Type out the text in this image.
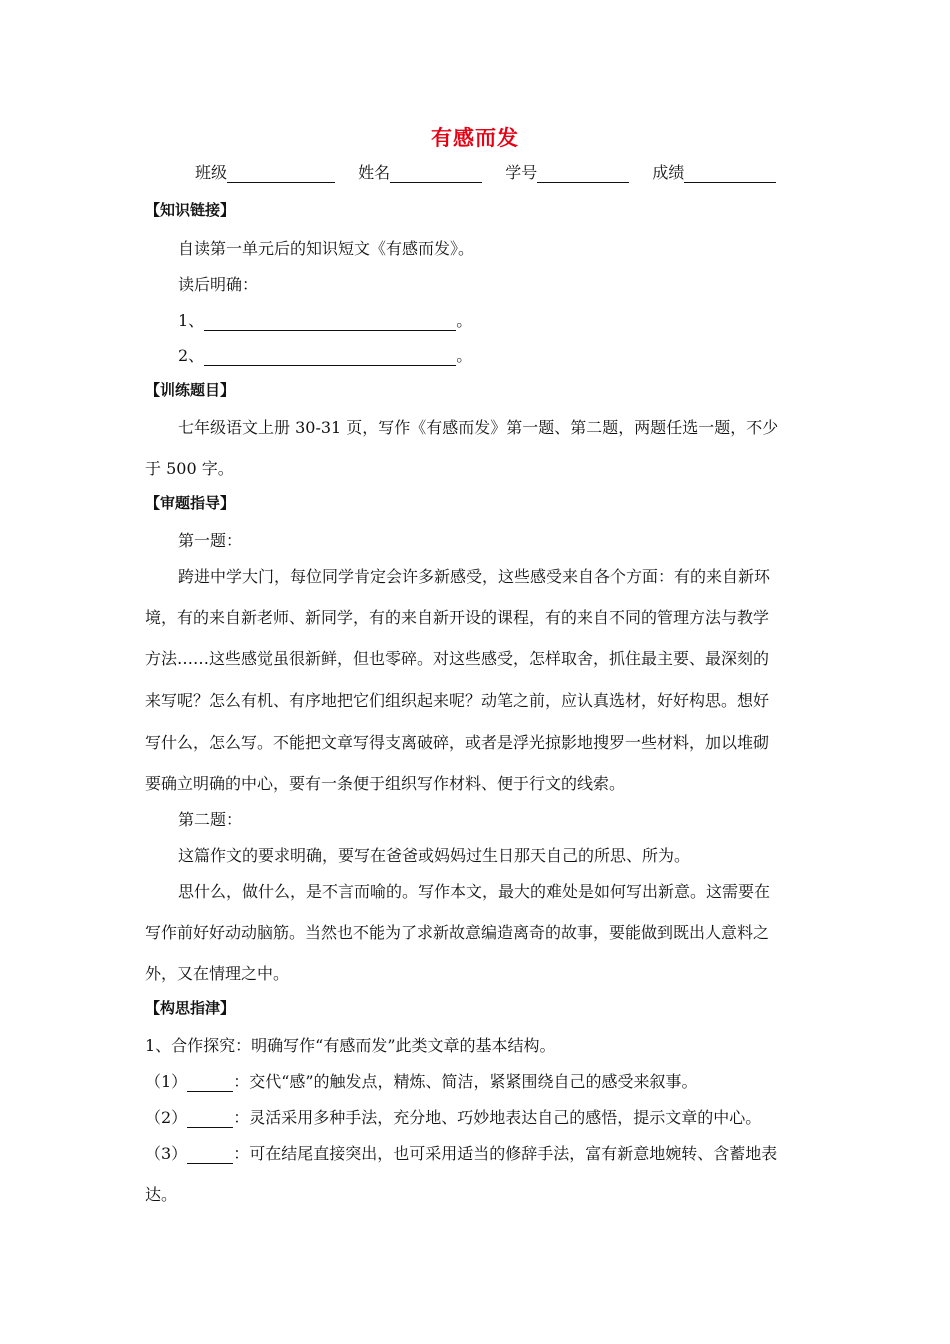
有感而发
班级	姓名	学号	成绩
【知识链接】
自读第一单元后的知识短文《有感而发》。
读后明确：
1、	。
2、	。
【训练题目】
七年级语文上册 30-31 页，写作《有感而发》第一题、第二题，两题任选一题，不少
于 500 字。
【审题指导】
第一题：
跨进中学大门，每位同学肯定会许多新感受，这些感受来自各个方面：有的来自新环
境，有的来自新老师、新同学，有的来自新开设的课程，有的来自不同的管理方法与教学
方法……这些感觉虽很新鲜，但也零碎。对这些感受，怎样取舍，抓住最主要、最深刻的
来写呢？怎么有机、有序地把它们组织起来呢？动笔之前，应认真选材，好好构思。想好
写什么，怎么写。不能把文章写得支离破碎，或者是浮光掠影地搜罗一些材料，加以堆砌
要确立明确的中心，要有一条便于组织写作材料、便于行文的线索。
第二题：
这篇作文的要求明确，要写在爸爸或妈妈过生日那天自己的所思、所为。
思什么，做什么，是不言而喻的。写作本文，最大的难处是如何写出新意。这需要在
写作前好好动动脑筋。当然也不能为了求新故意编造离奇的故事，要能做到既出人意料之
外，又在情理之中。
【构思指津】
1、合作探究：明确写作“有感而发”此类文章的基本结构。
（1）	：交代“感”的触发点，精炼、简洁，紧紧围绕自己的感受来叙事。
（2）	：灵活采用多种手法，充分地、巧妙地表达自己的感悟，提示文章的中心。
（3）	：可在结尾直接突出，也可采用适当的修辞手法，富有新意地婉转、含蓄地表
达。
